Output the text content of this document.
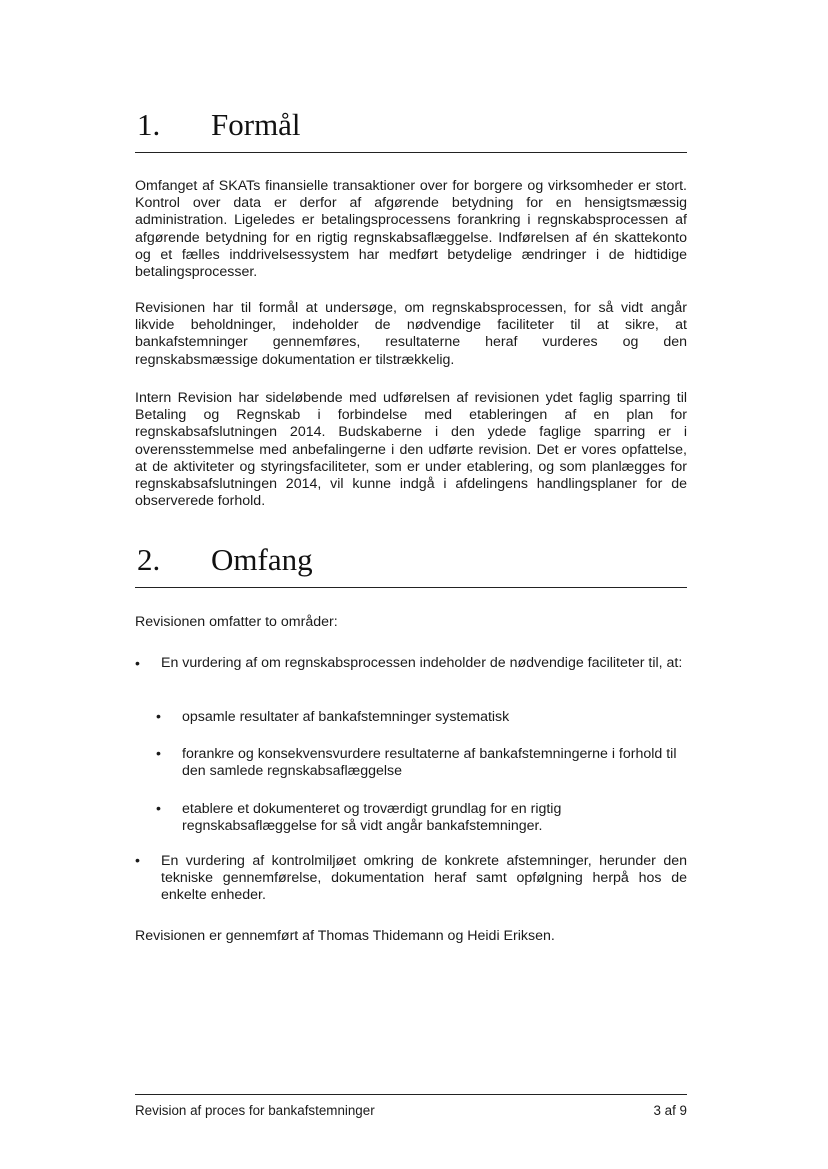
1. Formål

Omfanget af SKATs finansielle transaktioner over for borgere og virksomheder er stort. Kontrol over data er derfor af afgørende betydning for en hensigtsmæssig administration. Ligeledes er betalingsprocessens forankring i regnskabsprocessen af afgørende betydning for en rigtig regnskabsaflæggelse. Indførelsen af én skattekonto og et fælles inddrivelsessystem har medført betydelige ændringer i de hidtidige betalingsprocesser.

Revisionen har til formål at undersøge, om regnskabsprocessen, for så vidt angår likvide beholdninger, indeholder de nødvendige faciliteter til at sikre, at bankafstemninger gennemføres, resultaterne heraf vurderes og den regnskabsmæssige dokumentation er tilstrækkelig.

Intern Revision har sideløbende med udførelsen af revisionen ydet faglig sparring til Betaling og Regnskab i forbindelse med etableringen af en plan for regnskabsafslutningen 2014. Budskaberne i den ydede faglige sparring er i overensstemmelse med anbefalingerne i den udførte revision. Det er vores opfattelse, at de aktiviteter og styringsfaciliteter, som er under etablering, og som planlægges for regnskabsafslutningen 2014, vil kunne indgå i afdelingens handlingsplaner for de observerede forhold.

2. Omfang

Revisionen omfatter to områder:

•	En vurdering af om regnskabsprocessen indeholder de nødvendige faciliteter til, at:
•	opsamle resultater af bankafstemninger systematisk
•	forankre og konsekvensvurdere resultaterne af bankafstemningerne i forhold til den samlede regnskabsaflæggelse
•	etablere et dokumenteret og troværdigt grundlag for en rigtig regnskabsaflæggelse for så vidt angår bankafstemninger.
•	En vurdering af kontrolmiljøet omkring de konkrete afstemninger, herunder den tekniske gennemførelse, dokumentation heraf samt opfølgning herpå hos de enkelte enheder.

Revisionen er gennemført af Thomas Thidemann og Heidi Eriksen.

Revision af proces for bankafstemninger	3 af 9
